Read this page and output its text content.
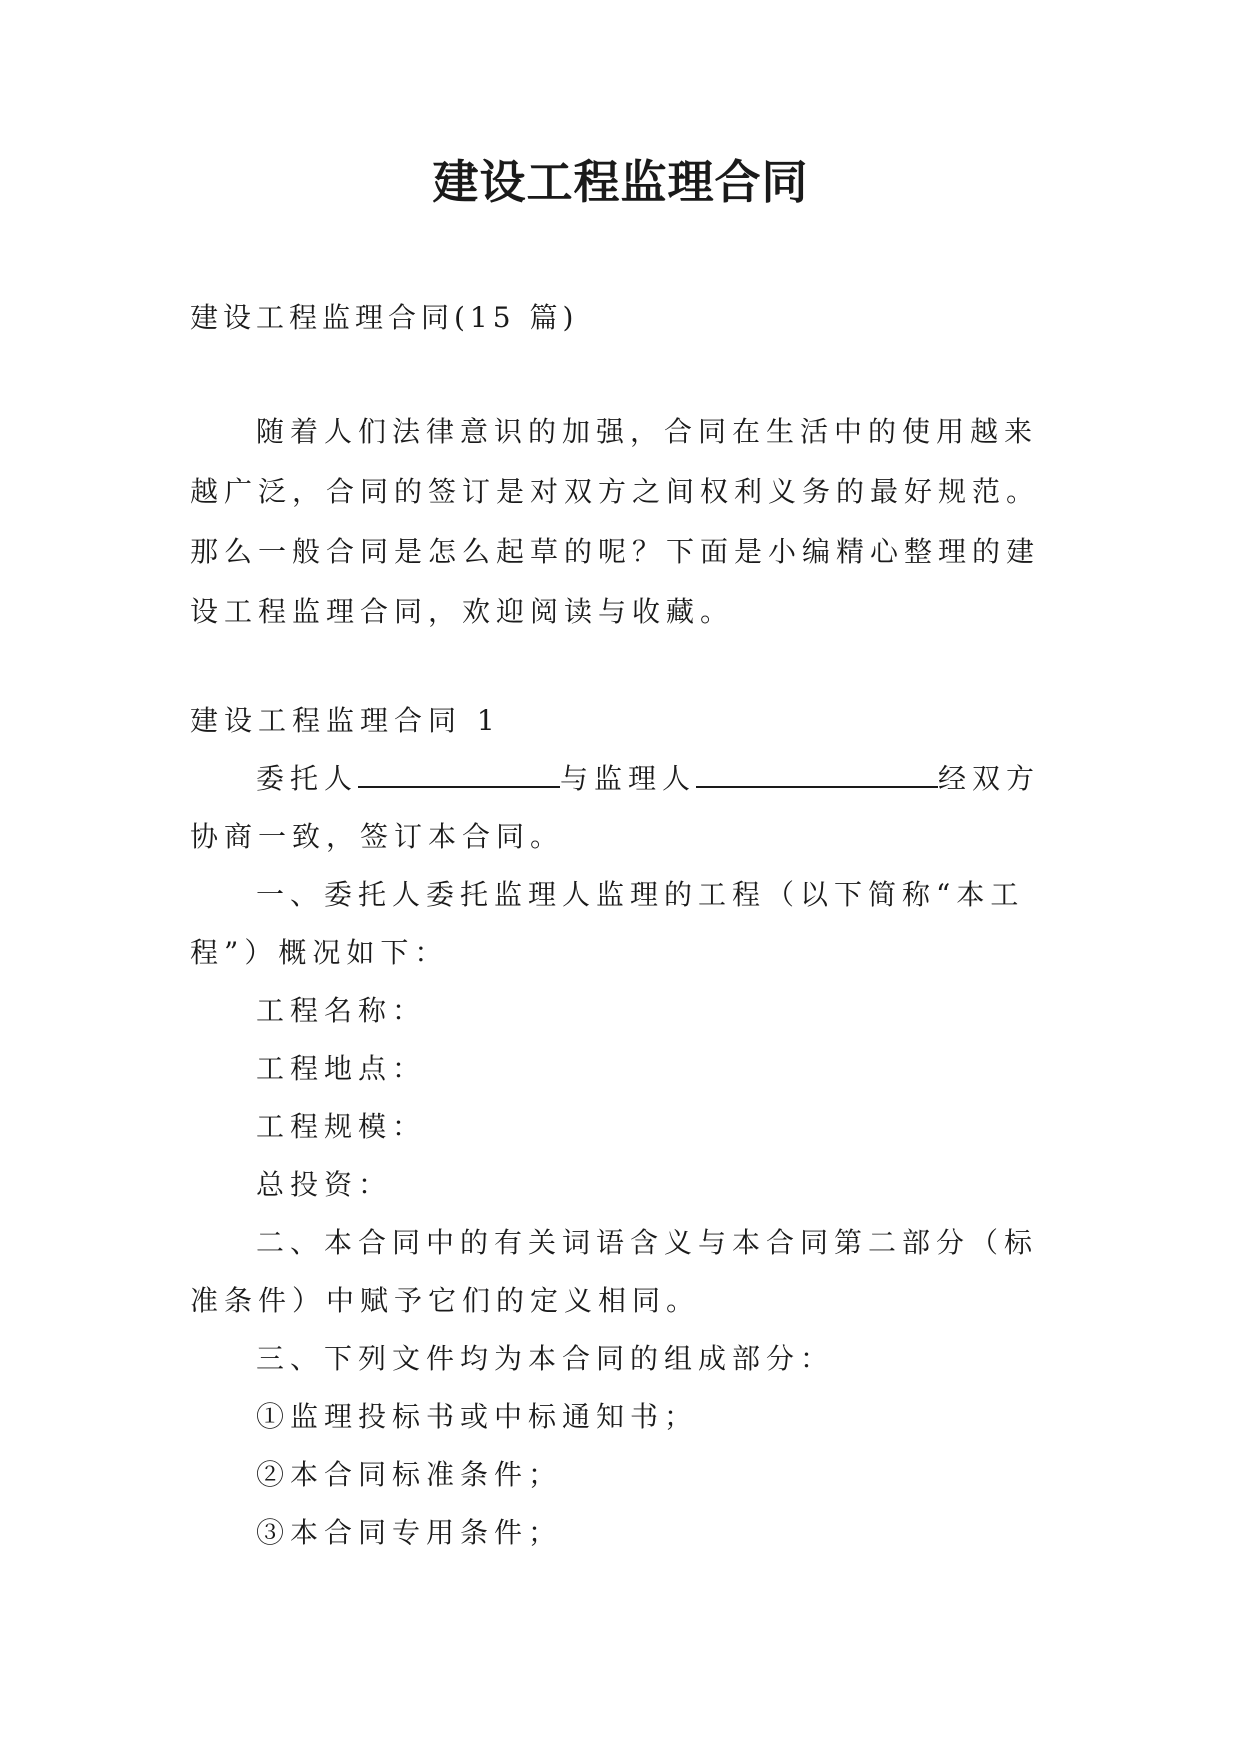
建设工程监理合同
建设工程监理合同(15 篇)

随着人们法律意识的加强，合同在生活中的使用越来越广泛，合同的签订是对双方之间权利义务的最好规范。那么一般合同是怎么起草的呢？下面是小编精心整理的建设工程监理合同，欢迎阅读与收藏。

建设工程监理合同 1

委托人	与监理人	经双方协商一致，签订本合同。

一、委托人委托监理人监理的工程（以下简称“本工程”）概况如下：

工程名称：

工程地点：

工程规模：

总投资：

二、本合同中的有关词语含义与本合同第二部分（标准条件）中赋予它们的定义相同。

三、下列文件均为本合同的组成部分：

①监理投标书或中标通知书；

②本合同标准条件；

③本合同专用条件；
